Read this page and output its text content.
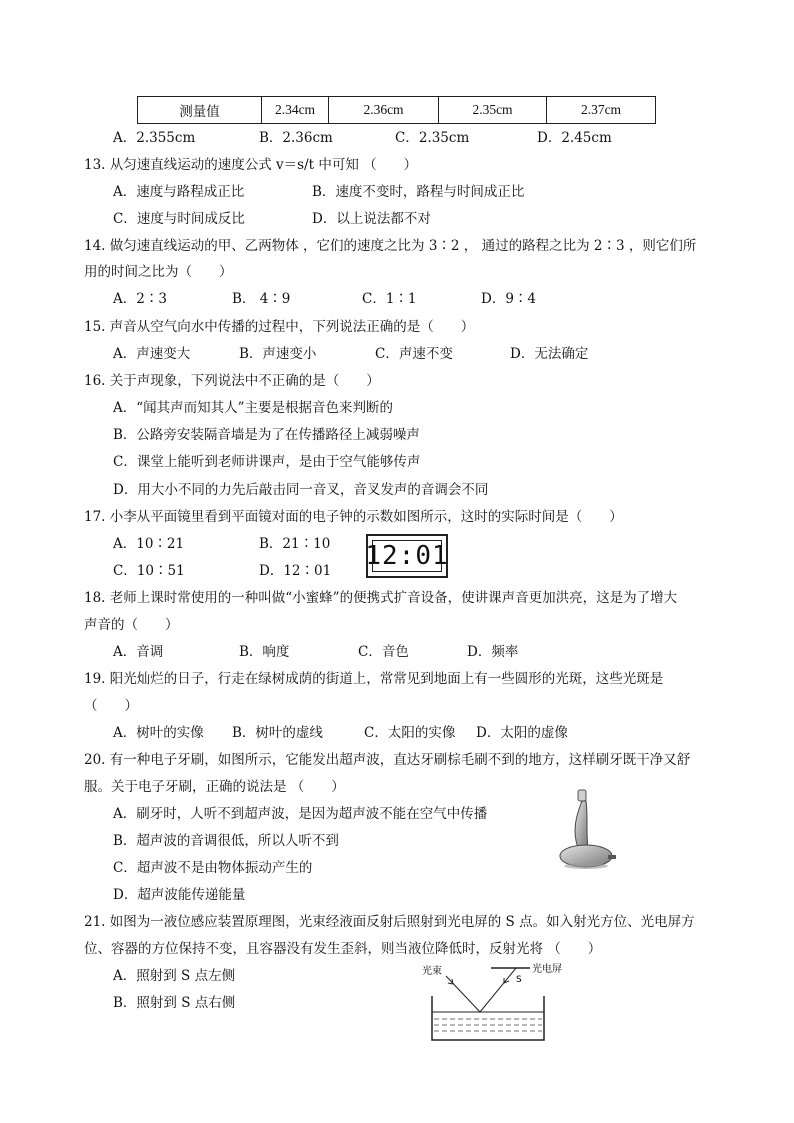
测量值	2.34cm	2.36cm	2.35cm	2.37cm
A．2.355cm	B．2.36cm	C．2.35cm	D．2.45cm
13. 从匀速直线运动的速度公式 v＝s/t 中可知 （　　）
A．速度与路程成正比	B．速度不变时，路程与时间成正比
C．速度与时间成反比	D．以上说法都不对
14. 做匀速直线运动的甲、乙两物体 ，它们的速度之比为 3∶2 ， 通过的路程之比为 2∶3 ，则它们所
用的时间之比为（　　）
A．2∶3	B． 4∶9	C．1∶1	D．9∶4
15. 声音从空气向水中传播的过程中，下列说法正确的是（　　）
A．声速变大	B．声速变小	C．声速不变	D．无法确定
16. 关于声现象，下列说法中不正确的是（　　）
A．“闻其声而知其人”主要是根据音色来判断的
B．公路旁安装隔音墙是为了在传播路径上减弱噪声
C．课堂上能听到老师讲课声，是由于空气能够传声
D．用大小不同的力先后敲击同一音叉，音叉发声的音调会不同
17. 小李从平面镜里看到平面镜对面的电子钟的示数如图所示，这时的实际时间是（　　）
A．10∶21	B．21∶10
C．10∶51	D．12∶01 12:01
18. 老师上课时常使用的一种叫做“小蜜蜂”的便携式扩音设备，使讲课声音更加洪亮，这是为了增大
声音的（　　）
A．音调	B．响度	C．音色	D．频率
19. 阳光灿烂的日子，行走在绿树成荫的街道上，常常见到地面上有一些圆形的光斑，这些光斑是
（　　）
A．树叶的实像 B．树叶的虚线	C．太阳的实像 D．太阳的虚像
20. 有一种电子牙刷，如图所示，它能发出超声波，直达牙刷棕毛刷不到的地方，这样刷牙既干净又舒
服。关于电子牙刷，正确的说法是 （　　）
A．刷牙时，人听不到超声波，是因为超声波不能在空气中传播
B．超声波的音调很低，所以人听不到
C．超声波不是由物体振动产生的
D．超声波能传递能量
21. 如图为一液位感应装置原理图，光束经液面反射后照射到光电屏的 S 点。如入射光方位、光电屏方
位、容器的方位保持不变，且容器没有发生歪斜，则当液位降低时，反射光将 （　　）
A．照射到 S 点左侧
B．照射到 S 点右侧
光束	光电屏
S
